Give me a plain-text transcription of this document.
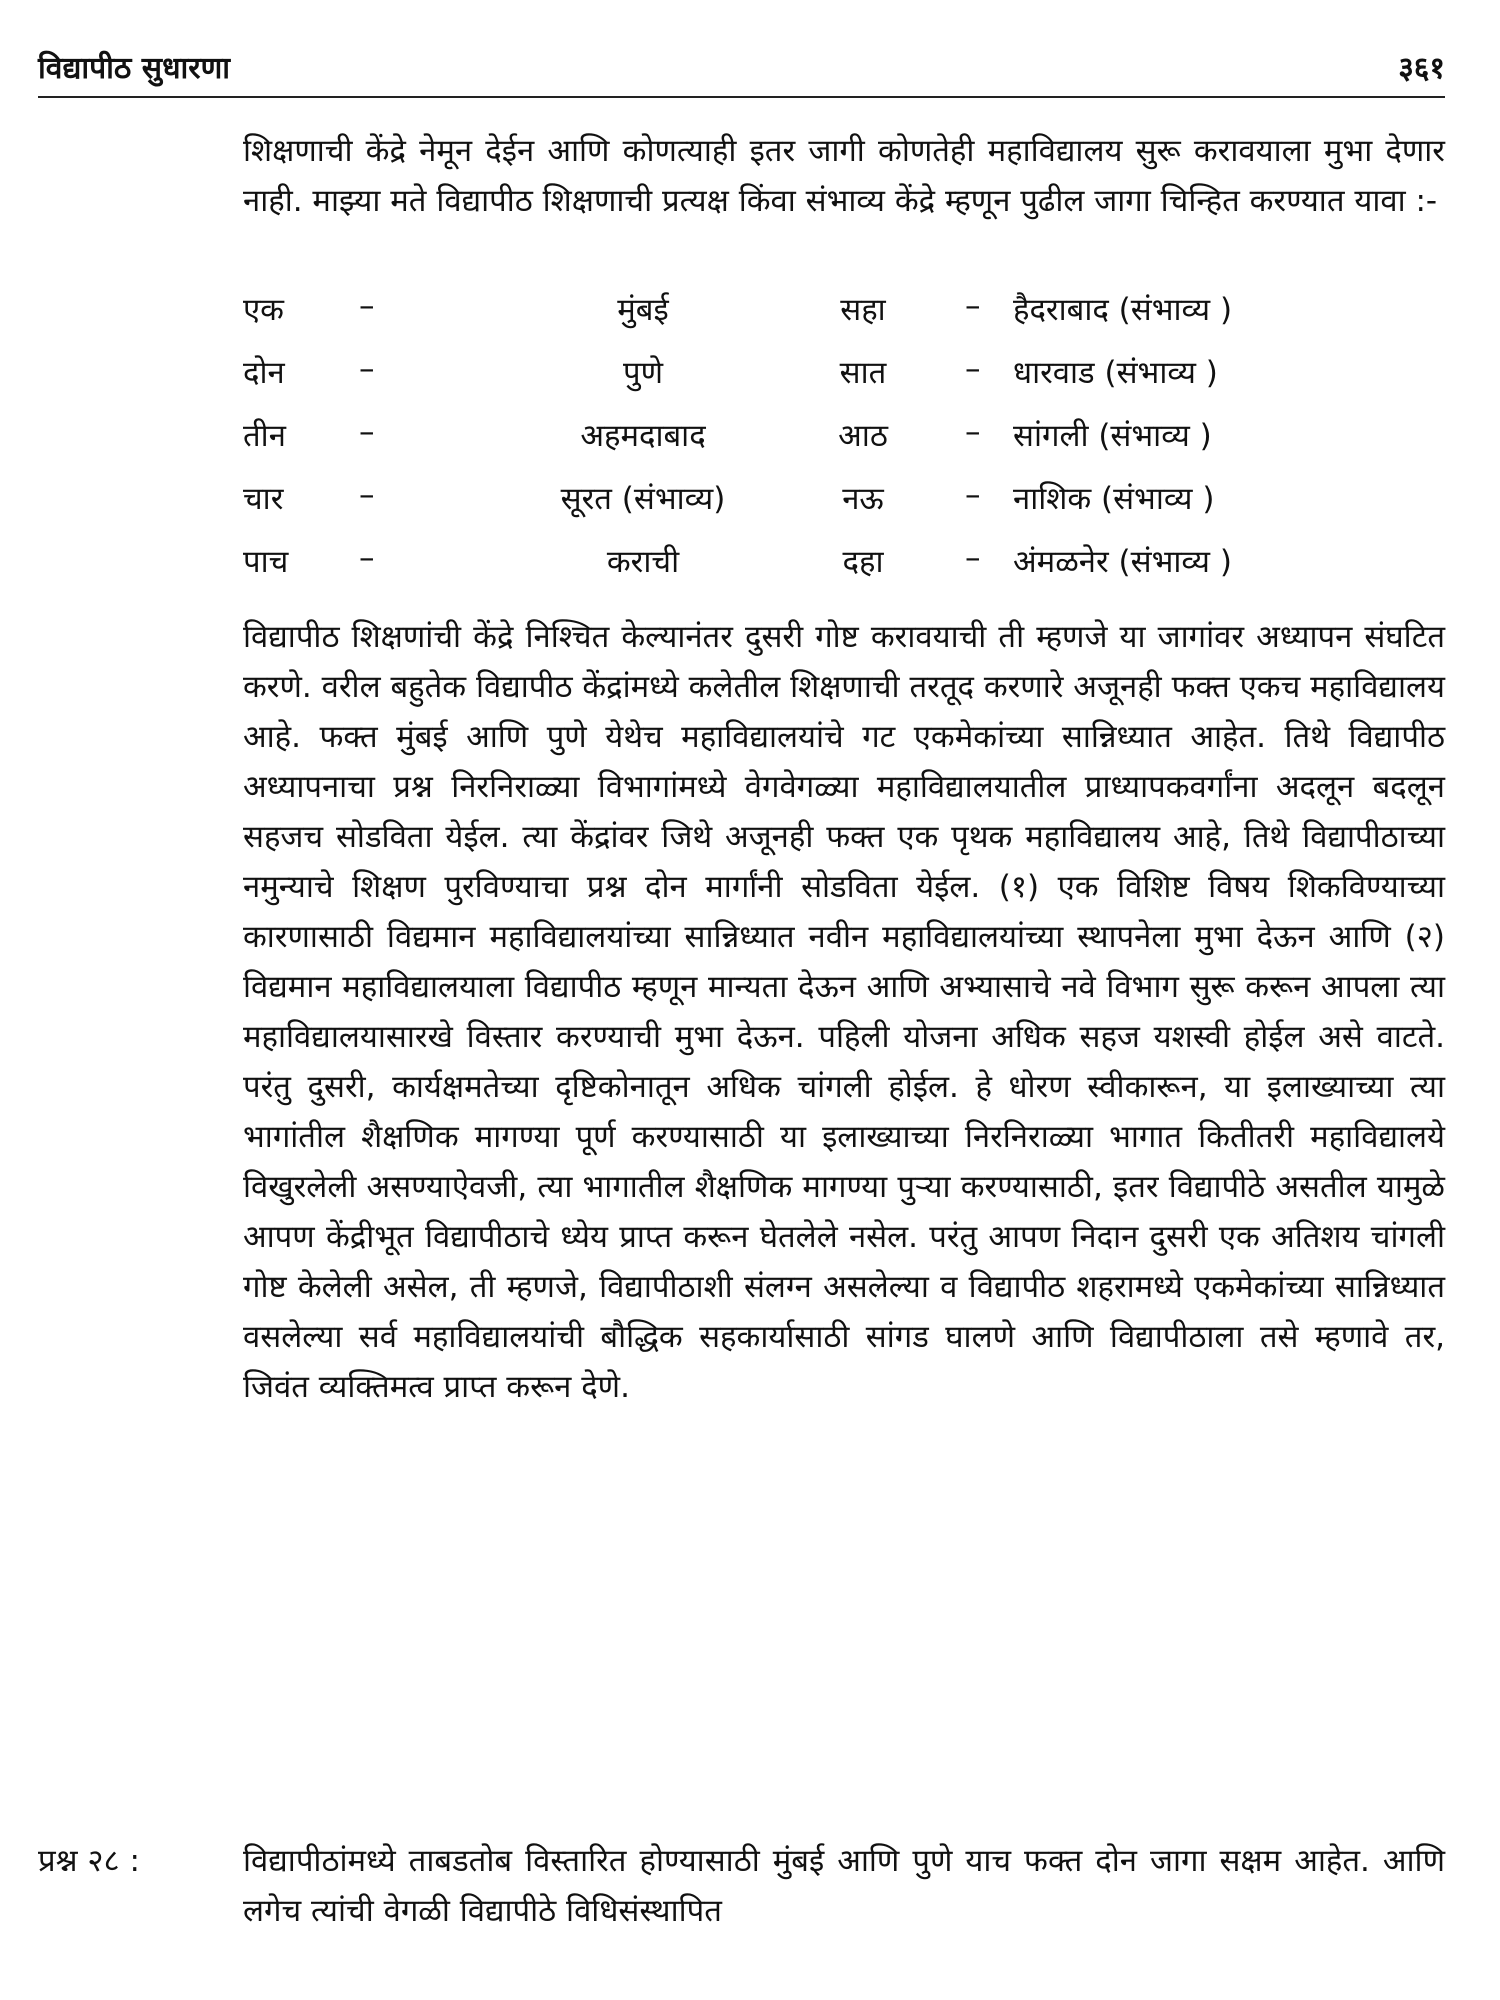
विद्यापीठ सुधारणा	३६१

शिक्षणाची केंद्रे नेमून देईन आणि कोणत्याही इतर जागी कोणतेही महाविद्यालय सुरू करावयाला मुभा देणार नाही. माझ्या मते विद्यापीठ शिक्षणाची प्रत्यक्ष किंवा संभाव्य केंद्रे म्हणून पुढील जागा चिन्हित करण्यात यावा :-

एक –	मुंबई	सहा	– हैदराबाद (संभाव्य )
दोन –	पुणे	सात	– धारवाड (संभाव्य )
तीन –	अहमदाबाद	आठ	– सांगली (संभाव्य )
चार –	सूरत (संभाव्य)	नऊ	– नाशिक (संभाव्य )
पाच –	कराची	दहा	– अंमळनेर (संभाव्य )

विद्यापीठ शिक्षणांची केंद्रे निश्चित केल्यानंतर दुसरी गोष्ट करावयाची ती म्हणजे या जागांवर अध्यापन संघटित करणे. वरील बहुतेक विद्यापीठ केंद्रांमध्ये कलेतील शिक्षणाची तरतूद करणारे अजूनही फक्त एकच महाविद्यालय आहे. फक्त मुंबई आणि पुणे येथेच महाविद्यालयांचे गट एकमेकांच्या सान्निध्यात आहेत. तिथे विद्यापीठ अध्यापनाचा प्रश्न निरनिराळ्या विभागांमध्ये वेगवेगळ्या महाविद्यालयातील प्राध्यापकवर्गांना अदलून बदलून सहजच सोडविता येईल. त्या केंद्रांवर जिथे अजूनही फक्त एक पृथक महाविद्यालय आहे, तिथे विद्यापीठाच्या नमुन्याचे शिक्षण पुरविण्याचा प्रश्न दोन मार्गांनी सोडविता येईल. (१) एक विशिष्ट विषय शिकविण्याच्या कारणासाठी विद्यमान महाविद्यालयांच्या सान्निध्यात नवीन महाविद्यालयांच्या स्थापनेला मुभा देऊन आणि (२) विद्यमान महाविद्यालयाला विद्यापीठ म्हणून मान्यता देऊन आणि अभ्यासाचे नवे विभाग सुरू करून आपला त्या महाविद्यालयासारखे विस्तार करण्याची मुभा देऊन. पहिली योजना अधिक सहज यशस्वी होईल असे वाटते. परंतु दुसरी, कार्यक्षमतेच्या दृष्टिकोनातून अधिक चांगली होईल. हे धोरण स्वीकारून, या इलाख्याच्या त्या भागांतील शैक्षणिक मागण्या पूर्ण करण्यासाठी या इलाख्याच्या निरनिराळ्या भागात कितीतरी महाविद्यालये विखुरलेली असण्याऐवजी, त्या भागातील शैक्षणिक मागण्या पुऱ्या करण्यासाठी, इतर विद्यापीठे असतील यामुळे आपण केंद्रीभूत विद्यापीठाचे ध्येय प्राप्त करून घेतलेले नसेल. परंतु आपण निदान दुसरी एक अतिशय चांगली गोष्ट केलेली असेल, ती म्हणजे, विद्यापीठाशी संलग्न असलेल्या व विद्यापीठ शहरामध्ये एकमेकांच्या सान्निध्यात वसलेल्या सर्व महाविद्यालयांची बौद्धिक सहकार्यासाठी सांगड घालणे आणि विद्यापीठाला तसे म्हणावे तर, जिवंत व्यक्तिमत्व प्राप्त करून देणे.

प्रश्न २८ :	विद्यापीठांमध्ये ताबडतोब विस्तारित होण्यासाठी मुंबई आणि पुणे याच फक्त दोन जागा सक्षम आहेत. आणि लगेच त्यांची वेगळी विद्यापीठे विधिसंस्थापित
